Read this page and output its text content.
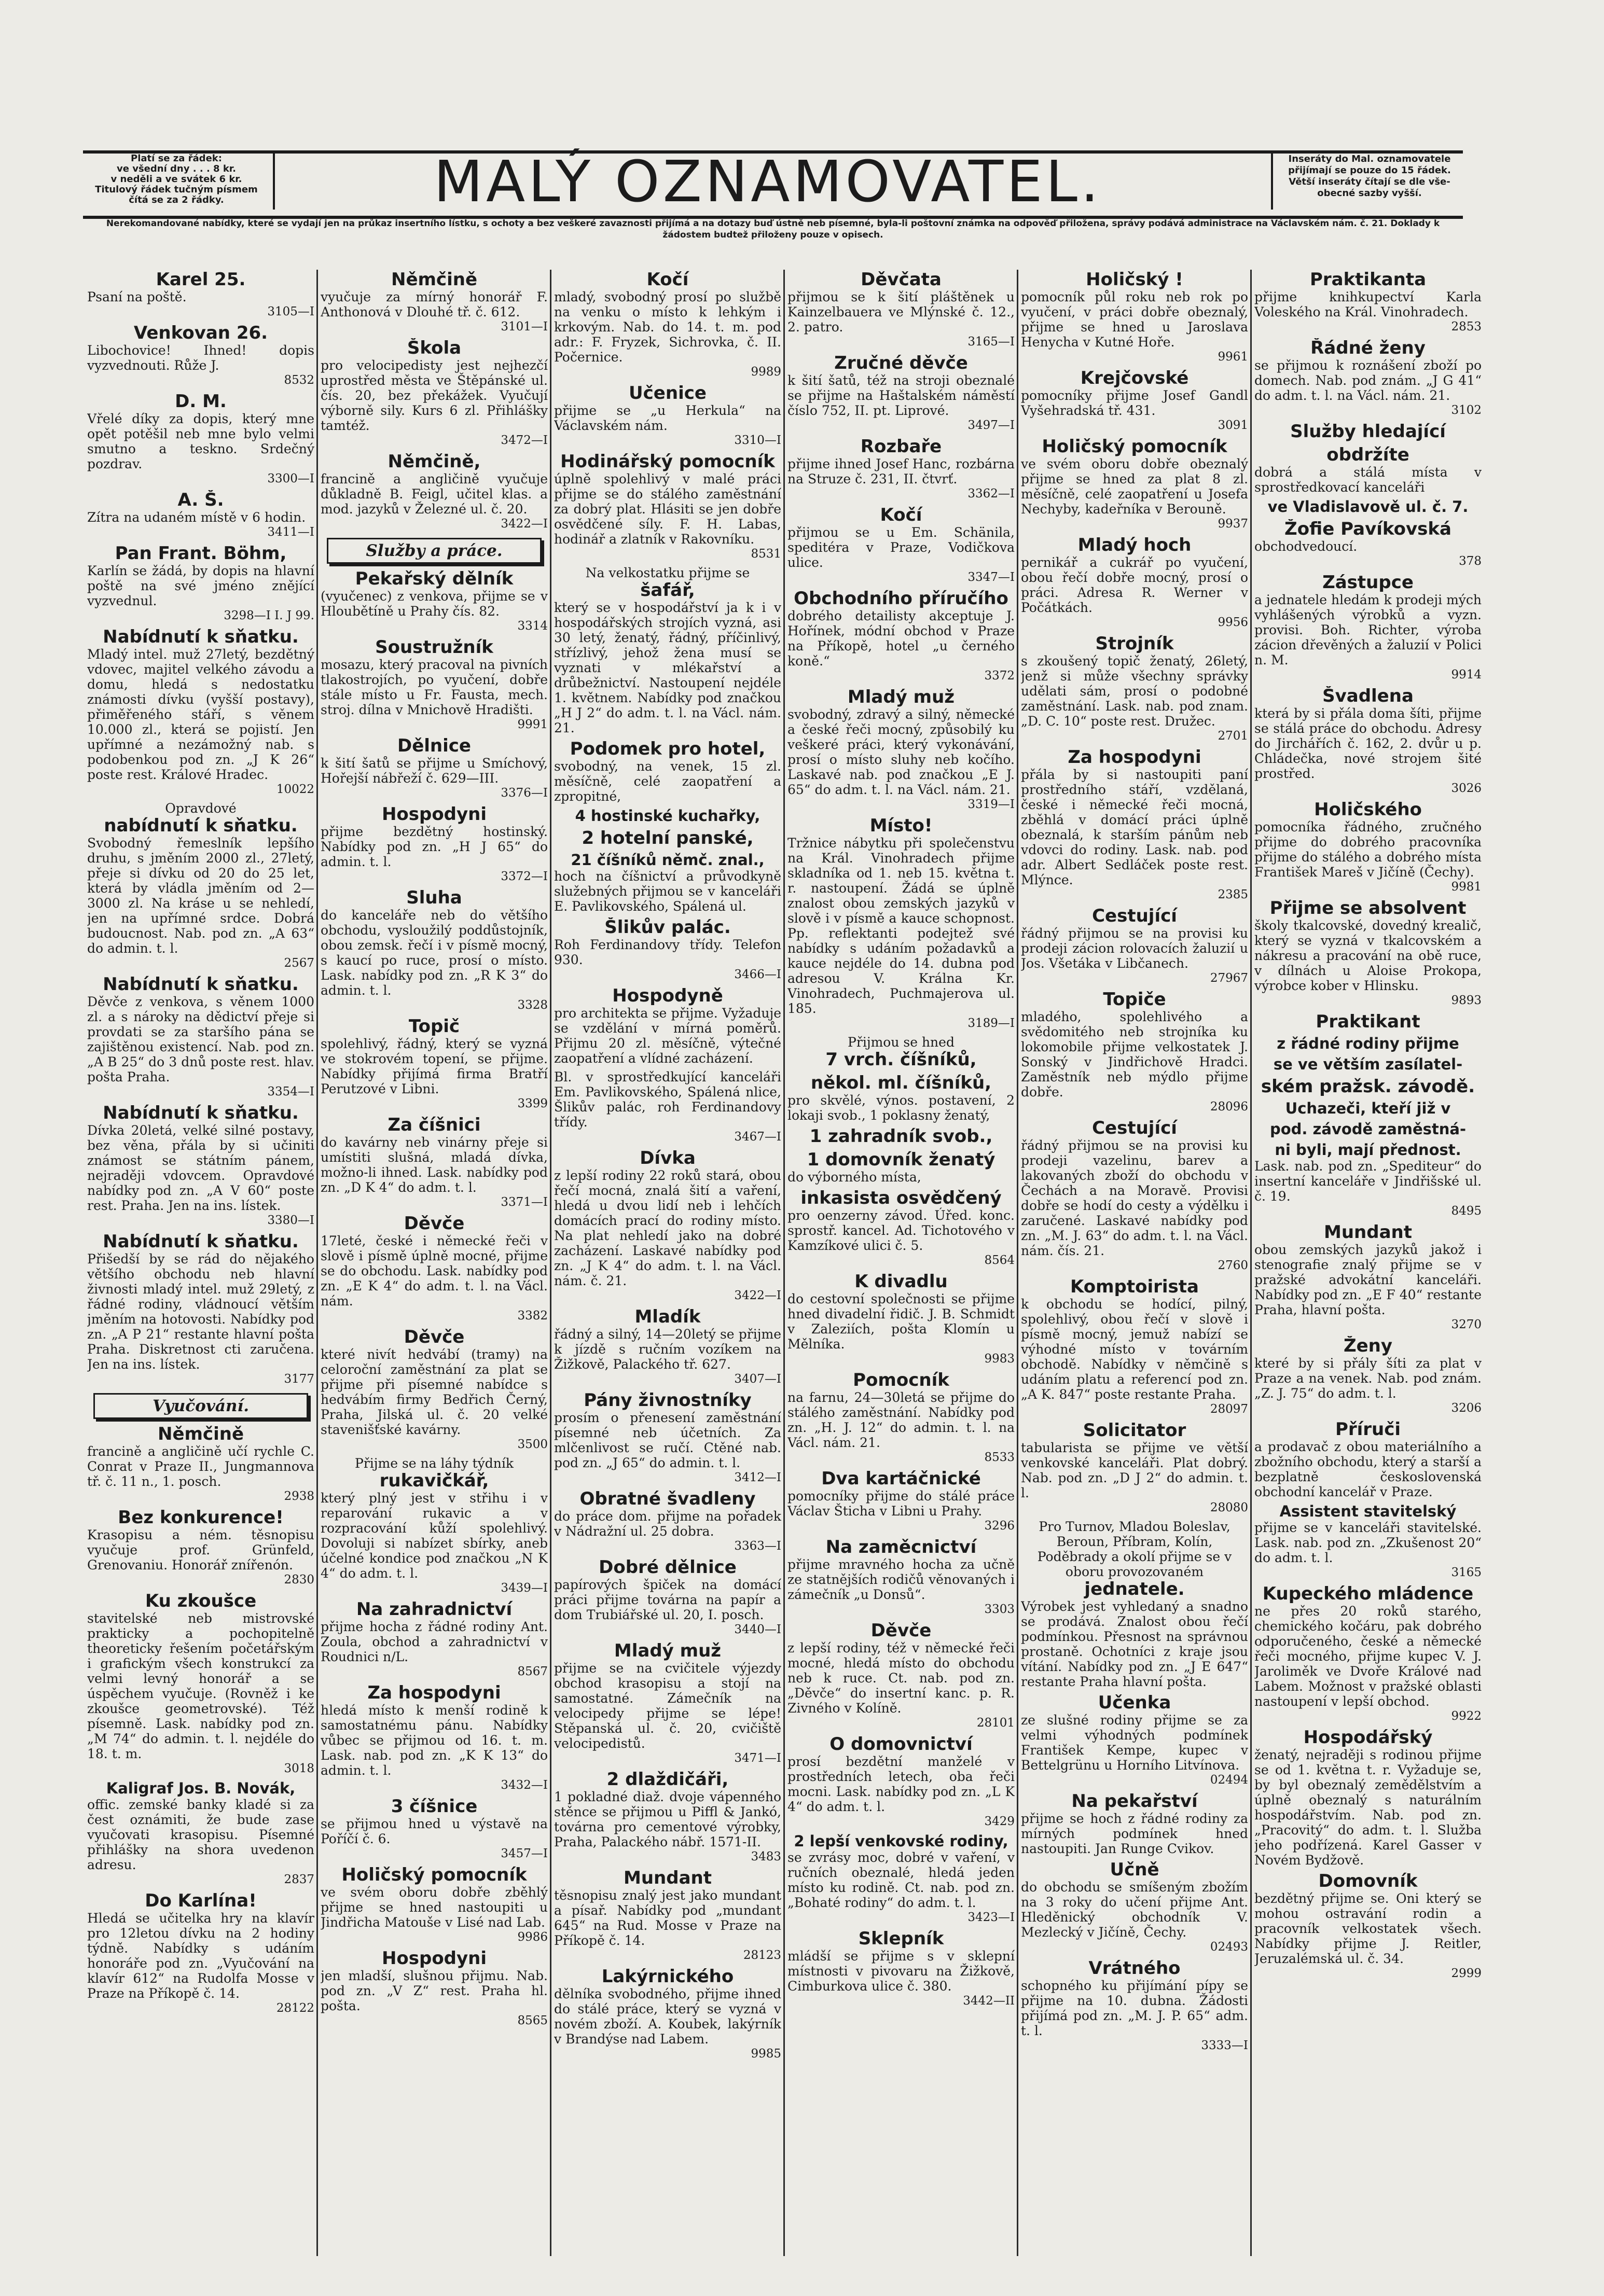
Platí se za řádek:
ve všední dny . . . 8 kr.
v neděli a ve svátek 6 kr.
Titulový řádek tučným písmem
čítá se za 2 řádky.	MALÝ OZNAMOVATEL.	Inseráty do Mal. oznamovatele
přijímají se pouze do 15 řádek.
Větší inseráty čítají se dle vše-
obecné sazby vyšší.
Nerekomandované nabídky, které se vydají jen na průkaz insertního lístku, s ochoty a bez veškeré zavaznosti přijímá a na dotazy buď ústně neb písemné, byla-li poštovní známka na odpověď přiložena, správy podává administrace na Václavském nám. č. 21. Doklady k žádostem budtež přiloženy pouze v opisech.
Karel 25.

Psaní na poště.

3105—I

Venkovan 26.

Libochovice! Ihned! dopis vyzvednouti. Růže J.

8532

D. M.

Vřelé díky za dopis, který mne opět potěšil neb mne bylo velmi smutno a teskno. Srdečný pozdrav.

3300—I

A. Š.

Zítra na udaném místě v 6 hodin.

3411—I

Pan Frant. Böhm,

Karlín se žádá, by dopis na hlavní poště na své jméno znějící vyzvednul.

3298—I I. J 99.

Nabídnutí k sňatku.

Mladý intel. muž 27letý, bezdětný vdovec, majitel velkého závodu a domu, hledá s nedostatku známosti dívku (vyšší postavy), přiměřeného stáří, s věnem 10.000 zl., která se pojistí. Jen upřímné a nezámožný nab. s podobenkou pod zn. „J K 26“ poste rest. Králové Hradec.

10022

Opravdové

nabídnutí k sňatku.

Svobodný řemeslník lepšího druhu, s jměním 2000 zl., 27letý, přeje si dívku od 20 do 25 let, která by vládla jměním od 2—3000 zl. Na kráse u se nehledí, jen na upřímné srdce. Dobrá budoucnost. Nab. pod zn. „A 63“ do admin. t. l.

2567

Nabídnutí k sňatku.

Děvče z venkova, s věnem 1000 zl. a s nároky na dědictví přeje si provdati se za staršího pána se zajištěnou existencí. Nab. pod zn. „A B 25“ do 3 dnů poste rest. hlav. pošta Praha.

3354—I

Nabídnutí k sňatku.

Dívka 20letá, velké silné postavy, bez věna, přála by si učiniti známost se státním pánem, nejraději vdovcem. Opravdové nabídky pod zn. „A V 60“ poste rest. Praha. Jen na ins. lístek.

3380—I

Nabídnutí k sňatku.

Přišedší by se rád do nějakého většího obchodu neb hlavní živnosti mladý intel. muž 29letý, z řádné rodiny, vládnoucí větším jměním na hotovosti. Nabídky pod zn. „A P 21“ restante hlavní pošta Praha. Diskretnost cti zaručena. Jen na ins. lístek.

3177

Vyučování.
Němčině

francině a angličině učí rychle C. Conrat v Praze II., Jungmannova tř. č. 11 n., 1. posch.

2938

Bez konkurence!

Krasopisu a ném. těsnopisu vyučuje prof. Grünfeld, Grenovaniu. Honorář znířenón.

2830

Ku zkoušce

stavitelské neb mistrovské prakticky a pochopitelně theoreticky řešením početářským i grafickým všech konstrukcí za velmi levný honorář a se úspěchem vyučuje. (Rovněž i ke zkoušce geometrovské). Též písemně. Lask. nabídky pod zn. „M 74“ do admin. t. l. nejdéle do 18. t. m.

3018

Kaligraf Jos. B. Novák,

offic. zemské banky kladé si za čest oznámiti, že bude zase vyučovati krasopisu. Písemné přihlášky na shora uvedenon adresu.

2837

Do Karlína!

Hledá se učitelka hry na klavír pro 12letou dívku na 2 hodiny týdně. Nabídky s udáním honoráře pod zn. „Vyučování na klavír 612“ na Rudolfa Mosse v Praze na Příkopě č. 14.

28122

Němčině

vyučuje za mírný honorář F. Anthonová v Dlouhé tř. č. 612.

3101—I

Škola

pro velocipedisty jest nejhezčí uprostřed města ve Štěpánské ul. čís. 20, bez překážek. Vyučují výborně sily. Kurs 6 zl. Přihlášky tamtéž.

3472—I

Němčině,

francině a angličině vyučuje důkladně B. Feigl, učitel klas. a mod. jazyků v Železné ul. č. 20.

3422—I

Služby a práce.
Pekařský dělník

(vyučenec) z venkova, přijme se v Hloubětíně u Prahy čís. 82.

3314

Soustružník

mosazu, který pracoval na pivních tlakostrojích, po vyučení, dobře stále místo u Fr. Fausta, mech. stroj. dílna v Mnichově Hradišti.

9991

Dělnice

k šití šatů se přijme u Smíchový, Hořejší nábřeží č. 629—III.

3376—I

Hospodyni

přijme bezdětný hostinský. Nabídky pod zn. „H J 65“ do admin. t. l.

3372—I

Sluha

do kanceláře neb do většího obchodu, vysloužilý poddůstojník, obou zemsk. řečí i v písmě mocný, s kaucí po ruce, prosí o místo. Lask. nabídky pod zn. „R K 3“ do admin. t. l.

3328

Topič

spolehlivý, řádný, který se vyzná ve stokrovém topení, se přijme. Nabídky přijímá firma Bratří Perutzové v Libni.

3399

Za číšnici

do kavárny neb vinárny přeje si umístiti slušná, mladá dívka, možno-li ihned. Lask. nabídky pod zn. „D K 4“ do adm. t. l.

3371—I

Děvče

17leté, české i německé řeči v slově i písmě úplně mocné, přijme se do obchodu. Lask. nabídky pod zn. „E K 4“ do adm. t. l. na Václ. nám.

3382

Děvče

které nivít hedvábí (tramy) na celoroční zaměstnání za plat se přijme při písemné nabídce s hedvábím firmy Bedřich Černý, Praha, Jilská ul. č. 20 velké stavenišťské kavárny.

3500

Přijme se na láhy týdník

rukavičkář,

který plný jest v střihu i v reparování rukavic a v rozpracování kůží spolehlivý. Dovoluji si nabízet sbírky, aneb účelné kondice pod značkou „N K 4“ do adm. t. l.

3439—I

Na zahradnictví

přijme hocha z řádné rodiny Ant. Zoula, obchod a zahradnictví v Roudnici n/L.

8567

Za hospodyni

hledá místo k menší rodině k samostatnému pánu. Nabídky vůbec se přijmou od 16. t. m. Lask. nab. pod zn. „K K 13“ do admin. t. l.

3432—I

3 číšnice

se přijmou hned u výstavě na Poříčí č. 6.

3457—I

Holičský pomocník

ve svém oboru dobře zběhlý přijme se hned nastoupiti u Jindřicha Matouše v Lisé nad Lab.

9986

Hospodyni

jen mladší, slušnou přijmu. Nab. pod zn. „V Z“ rest. Praha hl. pošta.

8565

Kočí

mladý, svobodný prosí po službě na venku o místo k lehkým i krkovým. Nab. do 14. t. m. pod adr.: F. Fryzek, Sichrovka, č. II. Počernice.

9989

Učenice

přijme se „u Herkula“ na Václavském nám.

3310—I

Hodinářský pomocník

úplně spolehlivý v malé práci přijme se do stálého zaměstnání za dobrý plat. Hlásiti se jen dobře osvědčené síly. F. H. Labas, hodinář a zlatník v Rakovníku.

8531

Na velkostatku přijme se

šafář,

který se v hospodářství ja k i v hospodářských strojích vyzná, asi 30 letý, ženatý, řádný, příčinlivý, střízlivý, jehož žena musí se vyznati v mlékařství a drůbežnictví. Nastoupení nejdéle 1. květnem. Nabídky pod značkou „H J 2“ do adm. t. l. na Václ. nám. 21.

Podomek pro hotel,

svobodný, na venek, 15 zl. měsíčně, celé zaopatření a zpropitné,

4 hostinské kuchařky,
2 hotelní panské,
21 číšníků němč. znal.,

hoch na číšnictví a průvodkyně služebných přijmou se v kanceláři E. Pavlikovského, Spálená ul.

Šlikův palác.

Roh Ferdinandovy třídy. Telefon 930.

3466—I

Hospodyně

pro architekta se přijme. Vyžaduje se vzdělání v mírná poměrů. Přijmu 20 zl. měsíčně, výtečné zaopatření a vlídné zacházení.

Bl. v sprostředkující kanceláři Em. Pavlikovského, Spálená nlice, Šlikův palác, roh Ferdinandovy třídy.

3467—I

Dívka

z lepší rodiny 22 roků stará, obou řečí mocná, znalá šití a vaření, hledá u dvou lidí neb i lehčích domácích prací do rodiny místo. Na plat nehledí jako na dobré zacházení. Laskavé nabídky pod zn. „J K 4“ do adm. t. l. na Václ. nám. č. 21.

3422—I

Mladík

řádný a silný, 14—20letý se přijme k jízdě s ručním vozíkem na Žižkově, Palackého tř. 627.

3407—I

Pány živnostníky

prosím o přenesení zaměstnání písemné neb účetních. Za mlčenlivost se ručí. Ctěné nab. pod zn. „J 65“ do admin. t. l.

3412—I

Obratné švadleny

do práce dom. přijme na pořadek v Nádražní ul. 25 dobra.

3363—I

Dobré dělnice

papírových špiček na domácí práci přijme továrna na papír a dom Trubiářské ul. 20, I. posch.

3440—I

Mladý muž

přijme se na cvičitele výjezdy obchod krasopisu a stojí na samostatné. Zámečník na velocipedy přijme se lépe! Stěpanská ul. č. 20, cvičiště velocipedistů.

3471—I

2 dlaždičáři,

1 pokladné diaž. dvoje vápenného stěnce se přijmou u Piffl & Jankó, továrna pro cementové výrobky, Praha, Palackého nábř. 1571-II.

3483

Mundant

těsnopisu znalý jest jako mundant a písař. Nabídky pod „mundant 645“ na Rud. Mosse v Praze na Příkopě č. 14.

28123

Lakýrnického

dělníka svobodného, přijme ihned do stálé práce, který se vyzná v novém zboží. A. Koubek, lakýrník v Brandýse nad Labem.

9985

Děvčata

přijmou se k šití pláštěnek u Kainzelbauera ve Mlýnské č. 12., 2. patro.

3165—I

Zručné děvče

k šití šatů, též na stroji obeznalé se přijme na Haštalském náměstí číslo 752, II. pt. Liprové.

3497—I

Rozbaře

přijme ihned Josef Hanc, rozbárna na Struze č. 231, II. čtvrť.

3362—I

Kočí

přijmou se u Em. Schänila, speditéra v Praze, Vodičkova ulice.

3347—I

Obchodního příručího

dobrého detailisty akceptuje J. Hořínek, módní obchod v Praze na Příkopě, hotel „u černého koně.“

3372

Mladý muž

svobodný, zdravý a silný, německé a české řeči mocný, způsobilý ku veškeré práci, který vykonávání, prosí o místo sluhy neb kočího. Laskavé nab. pod značkou „E J. 65“ do adm. t. l. na Václ. nám. 21.

3319—I

Místo!

Tržnice nábytku při společenstvu na Král. Vinohradech přijme skladníka od 1. neb 15. května t. r. nastoupení. Žádá se úplně znalost obou zemských jazyků v slově i v písmě a kauce schopnost. Pp. reflektanti podejtež své nabídky s udáním požadavků a kauce nejdéle do 14. dubna pod adresou V. Králna Kr. Vinohradech, Puchmajerova ul. 185.

3189—I

Přijmou se hned

7 vrch. číšníků,
někol. ml. číšníků,

pro skvělé, výnos. postavení, 2 lokaji svob., 1 poklasny ženatý,

1 zahradník svob.,
1 domovník ženatý

do výborného místa,

inkasista osvědčený

pro oenzerny závod. Úřed. konc. sprostř. kancel. Ad. Tichotového v Kamzíkové ulici č. 5.

8564

K divadlu

do cestovní společnosti se přijme hned divadelní řidič. J. B. Schmidt v Zaleziích, pošta Klomín u Mělníka.

9983

Pomocník

na farnu, 24—30letá se přijme do stálého zaměstnání. Nabídky pod zn. „H. J. 12“ do admin. t. l. na Václ. nám. 21.

8533

Dva kartáčnické

pomocníky přijme do stálé práce Václav Šticha v Libni u Prahy.

3296

Na zaměcnictví

přijme mravného hocha za učně ze statnějších rodičů věnovaných i zámečník „u Donsů“.

3303

Děvče

z lepší rodiny, též v německé řeči mocné, hledá místo do obchodu neb k ruce. Ct. nab. pod zn. „Děvče“ do insertní kanc. p. R. Zivného v Kolíně.

28101

O domovnictví

prosí bezdětní manželé v prostředních letech, oba řeči mocni. Lask. nabídky pod zn. „L K 4“ do adm. t. l.

3429

2 lepší venkovské rodiny,

se zvrásy moc, dobré v vaření, v ručních obeznalé, hledá jeden místo ku rodině. Ct. nab. pod zn. „Bohaté rodiny“ do adm. t. l.

3423—I

Sklepník

mládší se přijme s v sklepní místnosti v pivovaru na Žižkově, Cimburkova ulice č. 380.

3442—II

Holičský !

pomocník půl roku neb rok po vyučení, v práci dobře obeznalý, přijme se hned u Jaroslava Henycha v Kutné Hoře.

9961

Krejčovské

pomocníky přijme Josef Gandl Vyšehradská tř. 431.

3091

Holičský pomocník

ve svém oboru dobře obeznalý přijme se hned za plat 8 zl. měsíčně, celé zaopatření u Josefa Nechyby, kadeřníka v Berouně.

9937

Mladý hoch

pernikář a cukrář po vyučení, obou řečí dobře mocný, prosí o práci. Adresa R. Werner v Počátkách.

9956

Strojník

s zkoušený topič ženatý, 26letý, jenž si může všechny správky udělati sám, prosí o podobné zaměstnání. Lask. nab. pod znam. „D. C. 10“ poste rest. Družec.

2701

Za hospodyni

přála by si nastoupiti paní prostředního stáří, vzdělaná, české i německé řeči mocná, zběhlá v domácí práci úplně obeznalá, k starším pánům neb vdovci do rodiny. Lask. nab. pod adr. Albert Sedláček poste rest. Mlýnce.

2385

Cestující

řádný přijmou se na provisi ku prodeji zácion rolovacích žaluzií u Jos. Všetáka v Libčanech.

27967

Topiče

mladého, spolehlivého a svědomitého neb strojníka ku lokomobile přijme velkostatek J. Sonský v Jindřichově Hradci. Zaměstník neb mýdlo přijme dobře.

28096

Cestující

řádný přijmou se na provisi ku prodeji vazelinu, barev a lakovaných zboží do obchodu v Čechách a na Moravě. Provisi dobře se hodí do cesty a výdělku i zaručené. Laskavé nabídky pod zn. „M. J. 63“ do adm. t. l. na Václ. nám. čís. 21.

2760

Komptoirista

k obchodu se hodící, pilný, spolehlivý, obou řečí v slově i písmě mocný, jemuž nabízí se výhodné místo v továrním obchodě. Nabídky v němčině s udáním platu a referencí pod zn. „A K. 847“ poste restante Praha.

28097

Solicitator

tabularista se přijme ve větší venkovské kanceláři. Plat dobrý. Nab. pod zn. „D J 2“ do admin. t. l.

28080

Pro Turnov, Mladou Boleslav, Beroun, Příbram, Kolín, Poděbrady a okolí přijme se v oboru provozovaném

jednatele.

Výrobek jest vyhledaný a snadno se prodává. Znalost obou řečí podmínkou. Přesnost na správnou prostaně. Ochotníci z kraje jsou vítání. Nabídky pod zn. „J E 647“ restante Praha hlavní pošta.

Učenka

ze slušné rodiny přijme se za velmi výhodných podmínek František Kempe, kupec v Bettelgrünu u Horního Litvínova.

02494

Na pekařství

přijme se hoch z řádné rodiny za mírných podmínek hned nastoupiti. Jan Runge Cvikov.

Učně

do obchodu se smíšeným zbožím na 3 roky do učení přijme Ant. Hleděnický obchodník V. Mezlecký v Jičíně, Čechy.

02493

Vrátného

schopného ku přijímání pípy se přijme na 10. dubna. Žádosti přijímá pod zn. „M. J. P. 65“ adm. t. l.

3333—I

Praktikanta

přijme knihkupectví Karla Voleského na Král. Vinohradech.

2853

Řádné ženy

se přijmou k roznášení zboží po domech. Nab. pod znám. „J G 41“ do adm. t. l. na Václ. nám. 21.

3102

Služby hledající
obdržíte

dobrá a stálá místa v sprostředkovací kanceláři

ve Vladislavově ul. č. 7.
Žofie Pavíkovská

obchodvedoucí.

378

Zástupce

a jednatele hledám k prodeji mých vyhlášených výrobků a vyzn. provisi. Boh. Richter, výroba zácion dřevěných a žaluzií v Polici n. M.

9914

Švadlena

která by si přála doma šíti, přijme se stálá práce do obchodu. Adresy do Jirchářích č. 162, 2. dvůr u p. Chládečka, nové strojem šité prostřed.

3026

Holičského

pomocníka řádného, zručného přijme do dobrého pracovníka přijme do stálého a dobrého místa František Mareš v Jičíně (Čechy).

9981

Přijme se absolvent

školy tkalcovské, dovedný krealič, který se vyzná v tkalcovském a nákresu a pracování na obě ruce, v dílnách u Aloise Prokopa, výrobce kober v Hlinsku.

9893

Praktikant
z řádné rodiny přijme
se ve větším zasílatel-
ském pražsk. závodě.
Uchazeči, kteří již v
pod. závodě zaměstná-
ni byli, mají přednost.

Lask. nab. pod zn. „Spediteur“ do insertní kanceláře v Jindřišské ul. č. 19.

8495

Mundant

obou zemských jazyků jakož i stenografie znalý přijme se v pražské advokátní kanceláři. Nabídky pod zn. „E F 40“ restante Praha, hlavní pošta.

3270

Ženy

které by si přály šíti za plat v Praze a na venek. Nab. pod znám. „Z. J. 75“ do adm. t. l.

3206

Příruči

a prodavač z obou materiálního a zbožního obchodu, který a starší a bezplatně československá obchodní kancelář v Praze.

Assistent stavitelský

přijme se v kanceláři stavitelské. Lask. nab. pod zn. „Zkušenost 20“ do adm. t. l.

3165

Kupeckého mládence

ne přes 20 roků starého, chemického kočáru, pak dobrého odporučeného, české a německé řeči mocného, přijme kupec V. J. Jaroliměk ve Dvoře Králové nad Labem. Možnost v pražské oblasti nastoupení v lepší obchod.

9922

Hospodářský

ženatý, nejraději s rodinou přijme se od 1. května t. r. Vyžaduje se, by byl obeznalý zemědělstvím a úplně obeznalý s naturálním hospodářstvím. Nab. pod zn. „Pracovitý“ do adm. t. l. Služba jeho podřízená. Karel Gasser v Novém Bydžově.

Domovník

bezdětný přijme se. Oni který se mohou ostravání rodin a pracovník velkostatek všech. Nabídky přijme J. Reitler, Jeruzalémská ul. č. 34.

2999
